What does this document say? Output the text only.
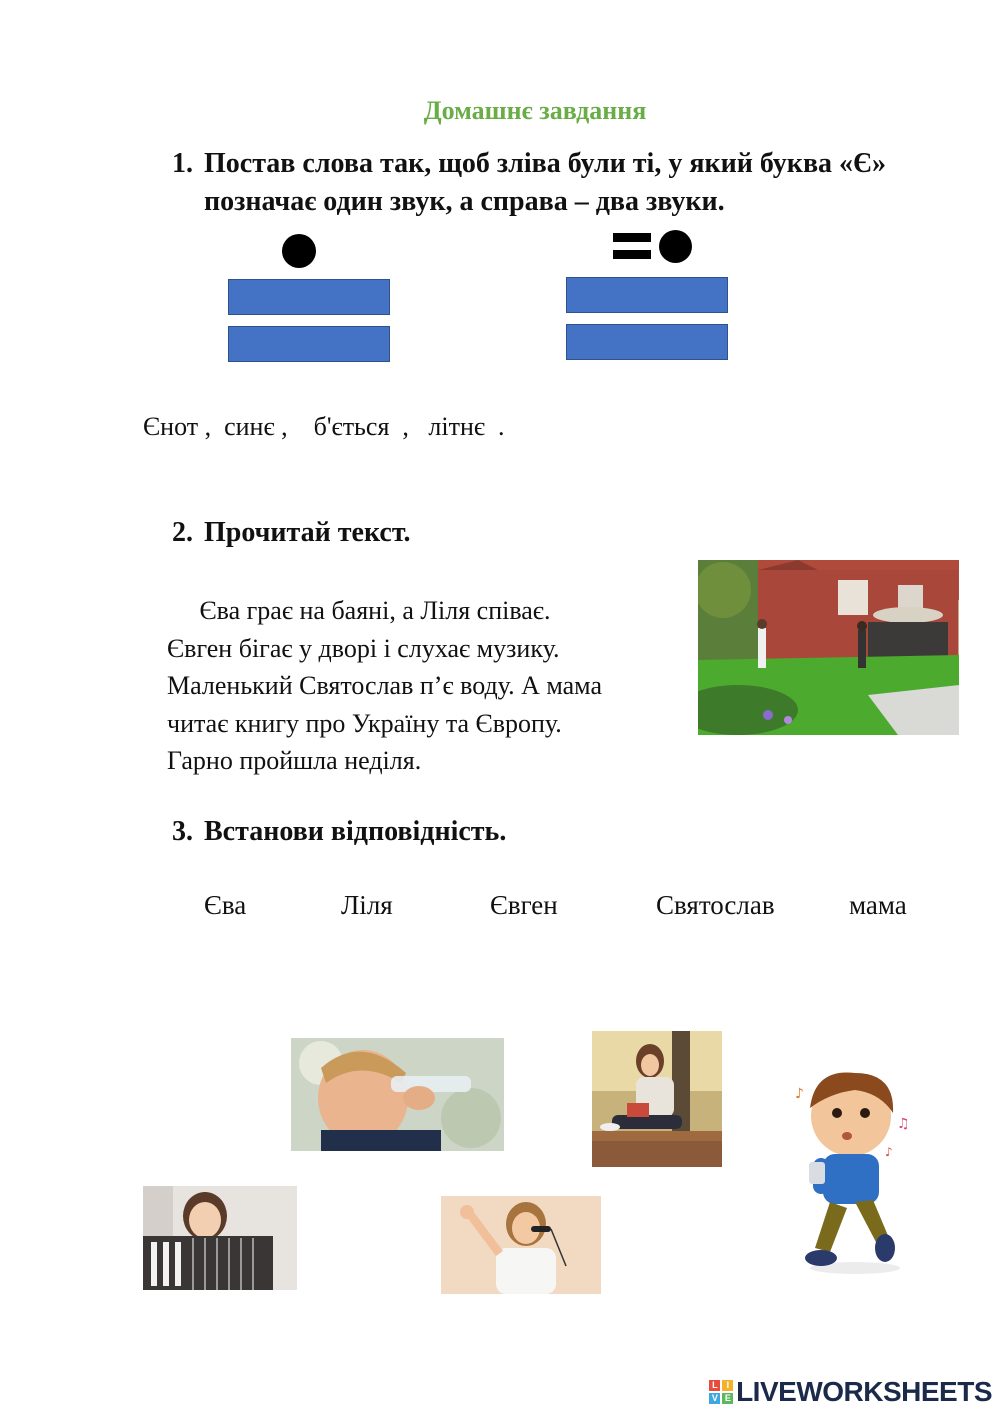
Домашнє завдання
1. Постав слова так, щоб зліва були ті, у який буква «Є»
позначає один звук, а справа – два звуки.
Єнот ,  синє ,    б'ється  ,   літнє  .
2. Прочитай текст.
Єва грає на баяні, а Ліля співає.
Євген бігає у дворі і слухає музику.
Маленький Святослав п’є воду. А мама
читає книгу про Україну та Європу.
Гарно пройшла неділя.
3. Встанови відповідність.
Єва	Ліля	Євген	Святослав	мама
♪
♫
♪
L	I
V E LIVEWORKSHEETS
